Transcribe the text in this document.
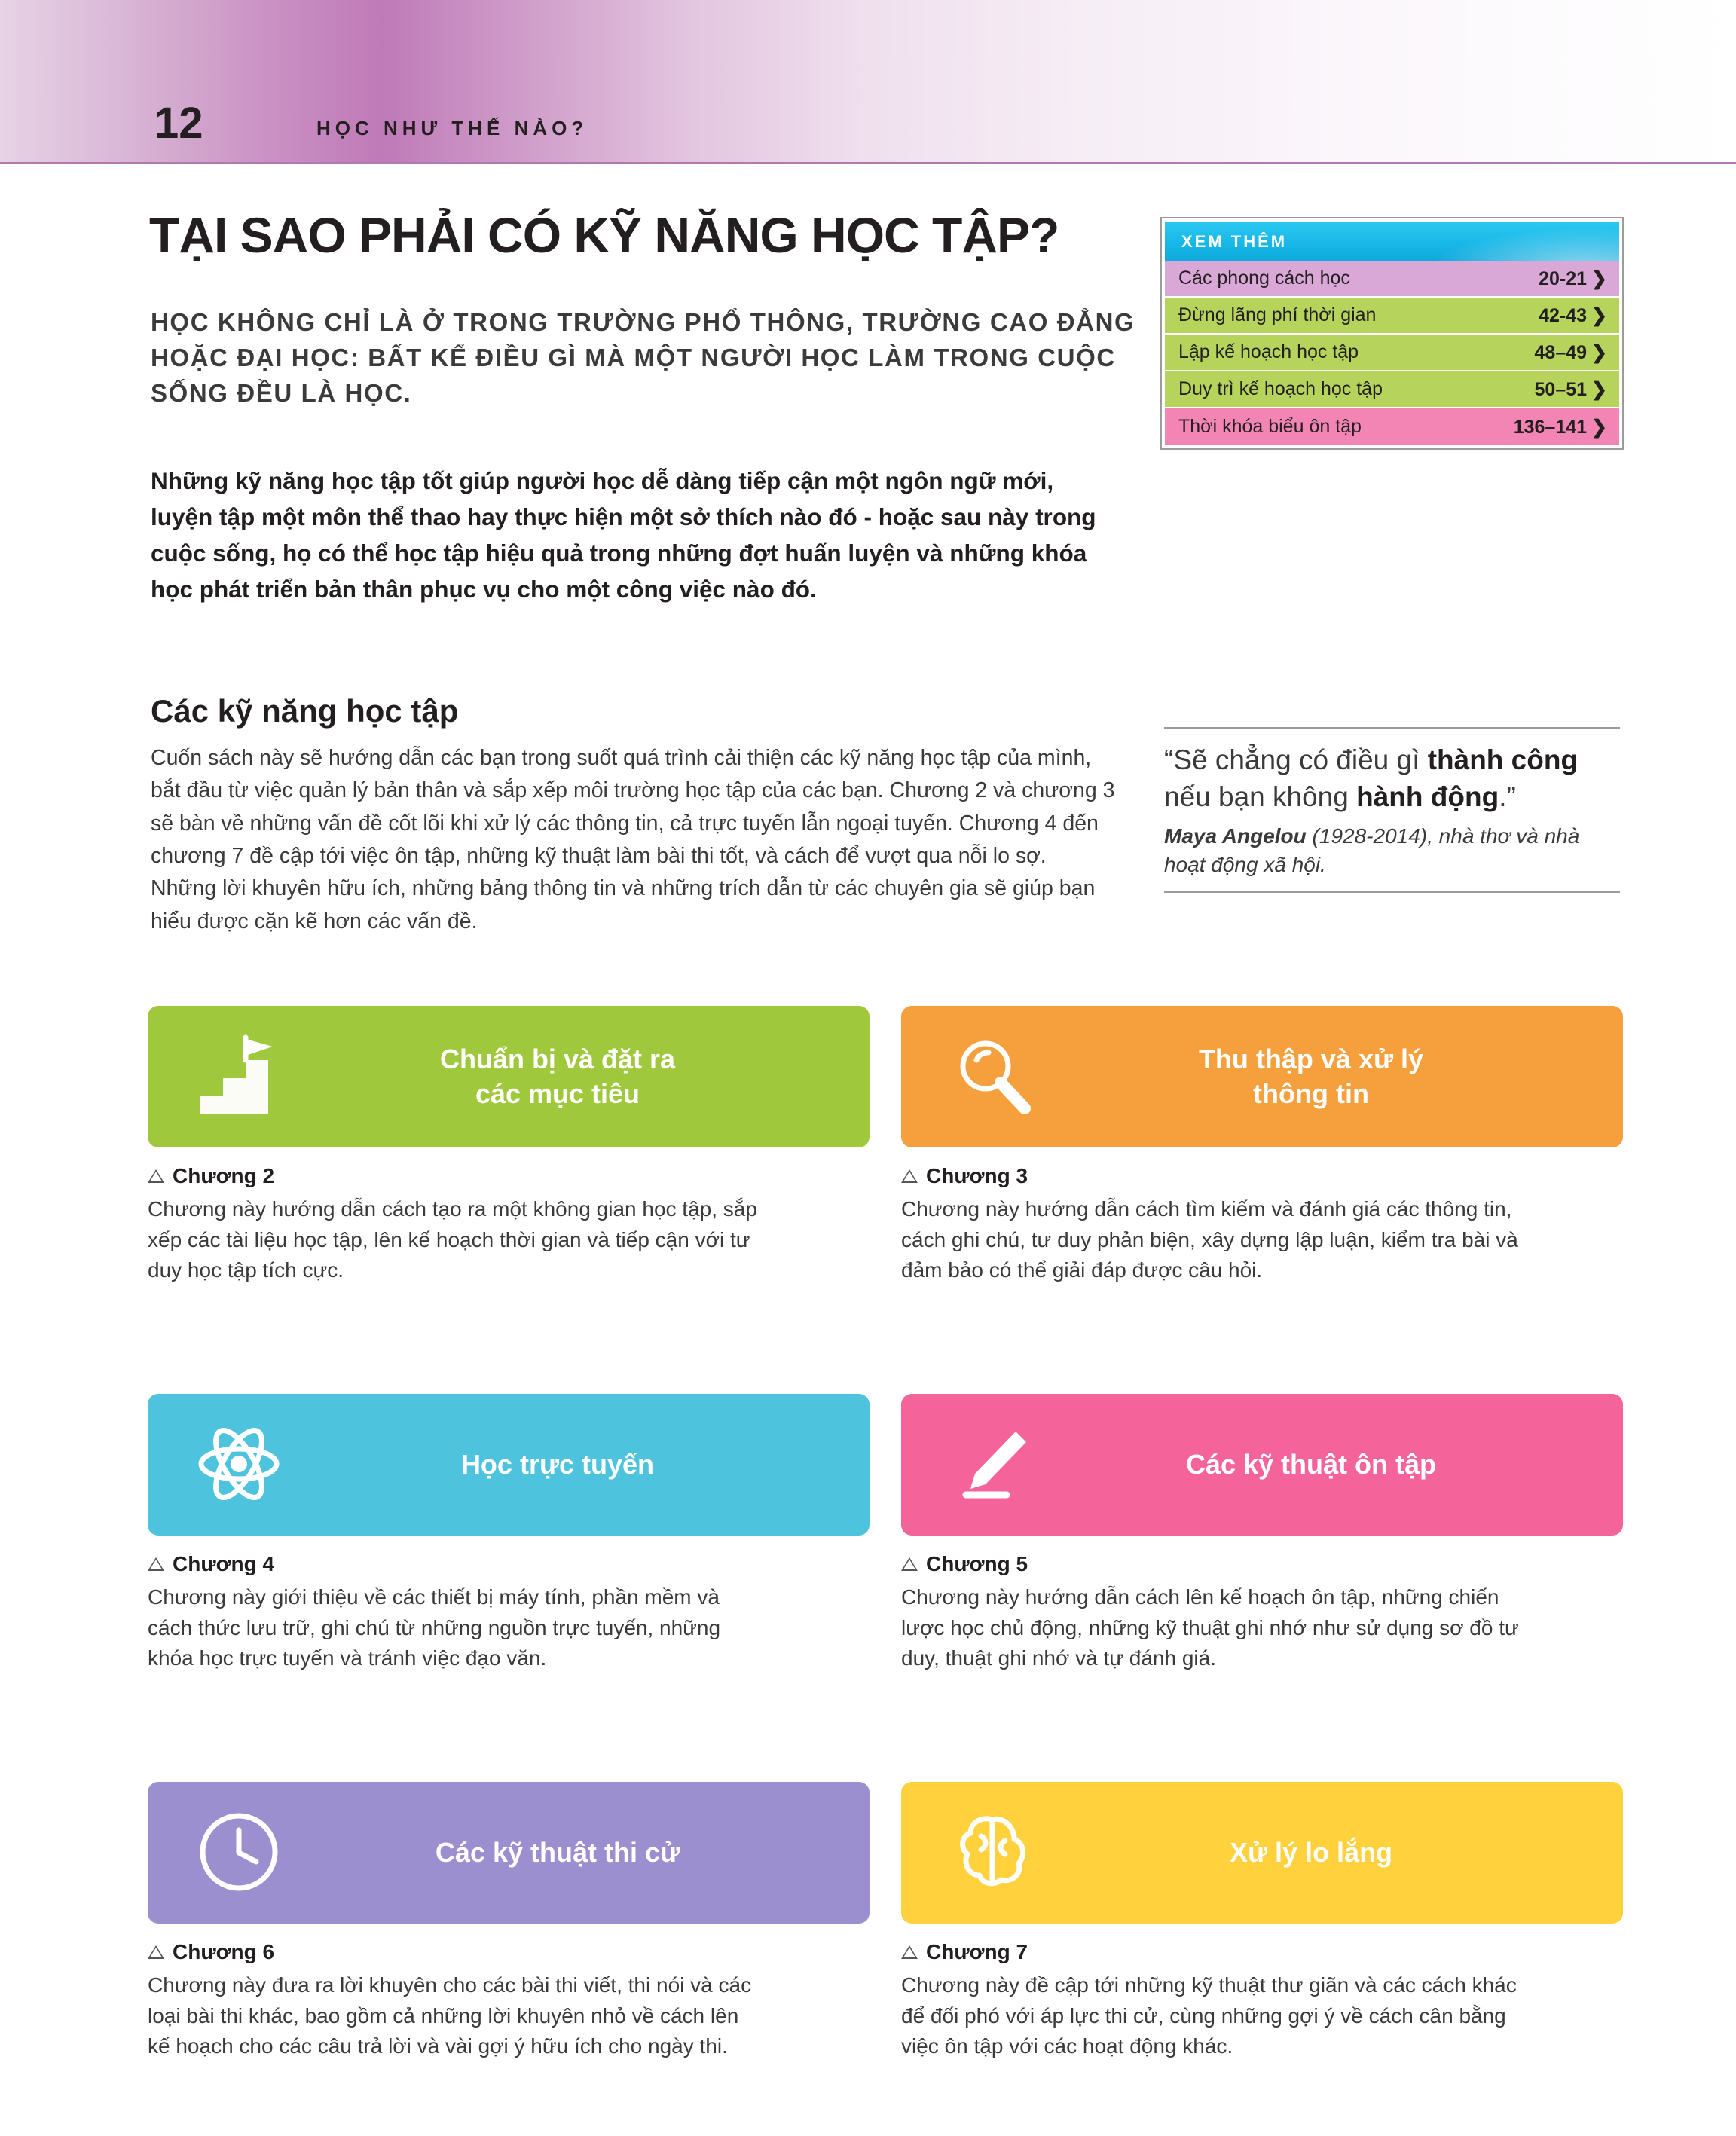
12	HỌC NHƯ THẾ NÀO?
TẠI SAO PHẢI CÓ KỸ NĂNG HỌC TẬP?
HỌC KHÔNG CHỈ LÀ Ở TRONG TRƯỜNG PHỔ THÔNG, TRƯỜNG CAO ĐẲNG HOẶC ĐẠI HỌC: BẤT KỂ ĐIỀU GÌ MÀ MỘT NGƯỜI HỌC LÀM TRONG CUỘC SỐNG ĐỀU LÀ HỌC.
Những kỹ năng học tập tốt giúp người học dễ dàng tiếp cận một ngôn ngữ mới, luyện tập một môn thể thao hay thực hiện một sở thích nào đó - hoặc sau này trong cuộc sống, họ có thể học tập hiệu quả trong những đợt huấn luyện và những khóa học phát triển bản thân phục vụ cho một công việc nào đó.
Các kỹ năng học tập
Cuốn sách này sẽ hướng dẫn các bạn trong suốt quá trình cải thiện các kỹ năng học tập của mình, bắt đầu từ việc quản lý bản thân và sắp xếp môi trường học tập của các bạn. Chương 2 và chương 3 sẽ bàn về những vấn đề cốt lõi khi xử lý các thông tin, cả trực tuyến lẫn ngoại tuyến. Chương 4 đến chương 7 đề cập tới việc ôn tập, những kỹ thuật làm bài thi tốt, và cách để vượt qua nỗi lo sợ. Những lời khuyên hữu ích, những bảng thông tin và những trích dẫn từ các chuyên gia sẽ giúp bạn hiểu được cặn kẽ hơn các vấn đề.
XEM THÊM
Các phong cách học	20-21 ❯
Đừng lãng phí thời gian	42-43 ❯
Lập kế hoạch học tập	48–49 ❯
Duy trì kế hoạch học tập	50–51 ❯
Thời khóa biểu ôn tập	136–141 ❯
“Sẽ chẳng có điều gì thành công nếu bạn không hành động.”
Maya Angelou (1928-2014), nhà thơ và nhà hoạt động xã hội.
Chuẩn bị và đặt ra
các mục tiêu
Chương 2
Chương này hướng dẫn cách tạo ra một không gian học tập, sắp xếp các tài liệu học tập, lên kế hoạch thời gian và tiếp cận với tư duy học tập tích cực.
Thu thập và xử lý
thông tin
Chương 3
Chương này hướng dẫn cách tìm kiếm và đánh giá các thông tin, cách ghi chú, tư duy phản biện, xây dựng lập luận, kiểm tra bài và đảm bảo có thể giải đáp được câu hỏi.
Học trực tuyến
Chương 4
Chương này giới thiệu về các thiết bị máy tính, phần mềm và cách thức lưu trữ, ghi chú từ những nguồn trực tuyến, những khóa học trực tuyến và tránh việc đạo văn.
Các kỹ thuật ôn tập
Chương 5
Chương này hướng dẫn cách lên kế hoạch ôn tập, những chiến lược học chủ động, những kỹ thuật ghi nhớ như sử dụng sơ đồ tư duy, thuật ghi nhớ và tự đánh giá.
Các kỹ thuật thi cử
Chương 6
Chương này đưa ra lời khuyên cho các bài thi viết, thi nói và các loại bài thi khác, bao gồm cả những lời khuyên nhỏ về cách lên kế hoạch cho các câu trả lời và vài gợi ý hữu ích cho ngày thi.
Xử lý lo lắng
Chương 7
Chương này đề cập tới những kỹ thuật thư giãn và các cách khác để đối phó với áp lực thi cử, cùng những gợi ý về cách cân bằng việc ôn tập với các hoạt động khác.
